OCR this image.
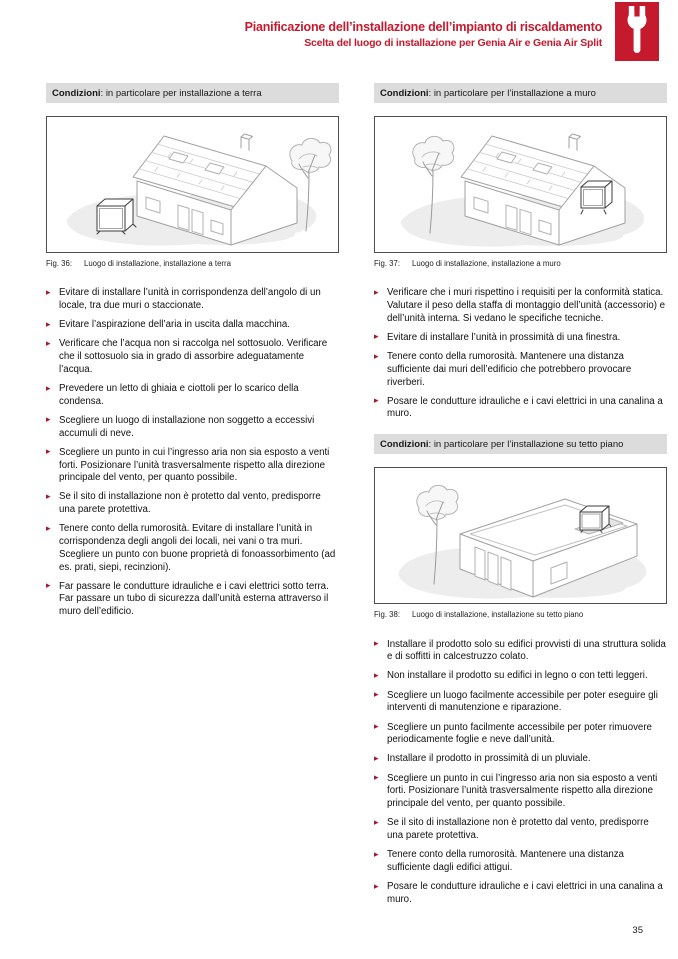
Pianificazione dell’installazione dell’impianto di riscaldamento
Scelta del luogo di installazione per Genia Air e Genia Air Split
Condizioni: in particolare per installazione a terra
Fig. 36:	Luogo di installazione, installazione a terra
▸ Evitare di installare l’unità in corrispondenza dell’angolo di un locale, tra due muri o staccionate.
▸ Evitare l’aspirazione dell’aria in uscita dalla macchina.
▸ Verificare che l’acqua non si raccolga nel sottosuolo. Verificare che il sottosuolo sia in grado di assorbire adeguatamente l’acqua.
▸ Prevedere un letto di ghiaia e ciottoli per lo scarico della condensa.
▸ Scegliere un luogo di installazione non soggetto a eccessivi accumuli di neve.
▸ Scegliere un punto in cui l’ingresso aria non sia esposto a venti forti. Posizionare l’unità trasversalmente rispetto alla direzione principale del vento, per quanto possibile.
▸ Se il sito di installazione non è protetto dal vento, predisporre una parete protettiva.
▸ Tenere conto della rumorosità. Evitare di installare l’unità in corrispondenza degli angoli dei locali, nei vani o tra muri. Scegliere un punto con buone proprietà di fonoassorbimento (ad es. prati, siepi, recinzioni).
▸ Far passare le condutture idrauliche e i cavi elettrici sotto terra. Far passare un tubo di sicurezza dall’unità esterna attraverso il muro dell’edificio.
Condizioni: in particolare per l’installazione a muro
Fig. 37:	Luogo di installazione, installazione a muro
▸ Verificare che i muri rispettino i requisiti per la conformità statica. Valutare il peso della staffa di montaggio dell’unità (accessorio) e dell’unità interna. Si vedano le specifiche tecniche.
▸ Evitare di installare l’unità in prossimità di una finestra.
▸ Tenere conto della rumorosità. Mantenere una distanza sufficiente dai muri dell’edificio che potrebbero provocare riverberi.
▸ Posare le condutture idrauliche e i cavi elettrici in una canalina a muro.
Condizioni: in particolare per l’installazione su tetto piano
Fig. 38:	Luogo di installazione, installazione su tetto piano
▸ Installare il prodotto solo su edifici provvisti di una struttura solida e di soffitti in calcestruzzo colato.
▸ Non installare il prodotto su edifici in legno o con tetti leggeri.
▸ Scegliere un luogo facilmente accessibile per poter eseguire gli interventi di manutenzione e riparazione.
▸ Scegliere un punto facilmente accessibile per poter rimuovere periodicamente foglie e neve dall’unità.
▸ Installare il prodotto in prossimità di un pluviale.
▸ Scegliere un punto in cui l’ingresso aria non sia esposto a venti forti. Posizionare l’unità trasversalmente rispetto alla direzione principale del vento, per quanto possibile.
▸ Se il sito di installazione non è protetto dal vento, predisporre una parete protettiva.
▸ Tenere conto della rumorosità. Mantenere una distanza sufficiente dagli edifici attigui.
▸ Posare le condutture idrauliche e i cavi elettrici in una canalina a muro.
35
